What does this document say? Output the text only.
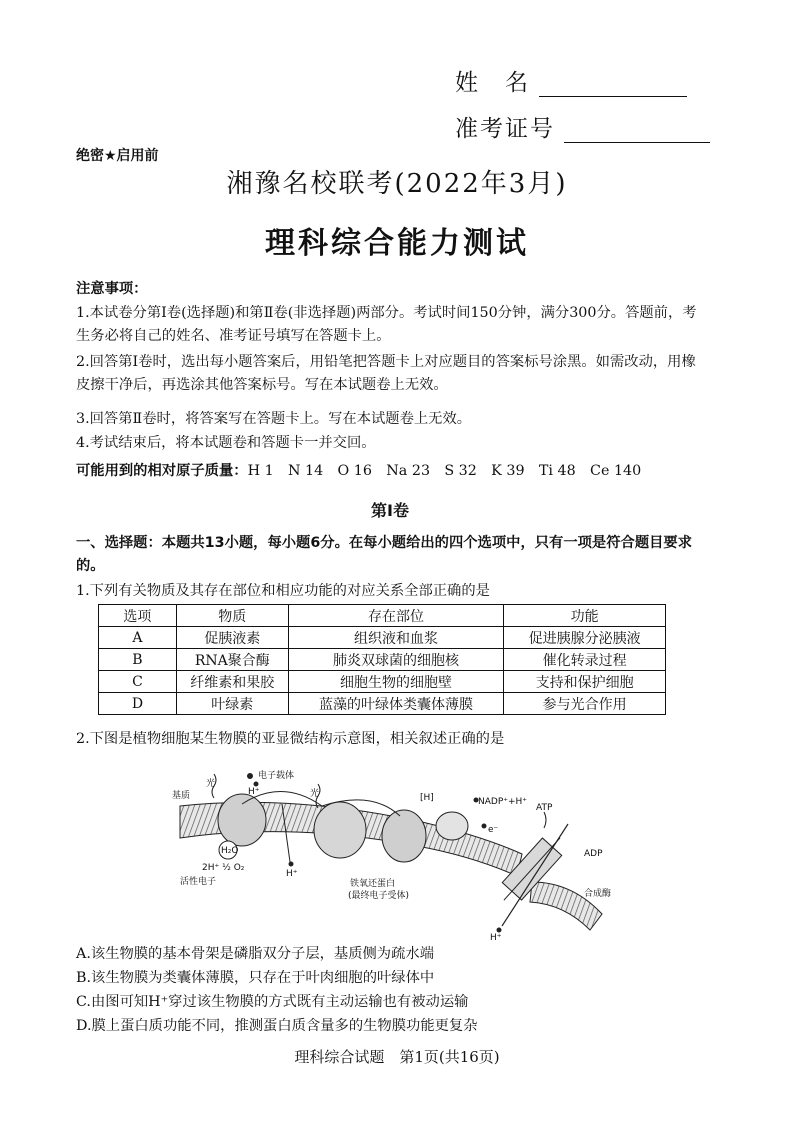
姓　名
准考证号
绝密★启用前
湘豫名校联考(2022年3月)
理科综合能力测试
注意事项：
1.本试卷分第Ⅰ卷(选择题)和第Ⅱ卷(非选择题)两部分。考试时间150分钟，满分300分。答题前，考生务必将自己的姓名、准考证号填写在答题卡上。
2.回答第Ⅰ卷时，选出每小题答案后，用铅笔把答题卡上对应题目的答案标号涂黑。如需改动，用橡皮擦干净后，再选涂其他答案标号。写在本试题卷上无效。
3.回答第Ⅱ卷时，将答案写在答题卡上。写在本试题卷上无效。
4.考试结束后，将本试题卷和答题卡一并交回。
可能用到的相对原子质量：H 1　N 14　O 16　Na 23　S 32　K 39　Ti 48　Ce 140
第Ⅰ卷
一、选择题：本题共13小题，每小题6分。在每小题给出的四个选项中，只有一项是符合题目要求的。
1.下列有关物质及其存在部位和相应功能的对应关系全部正确的是
选项	物质	存在部位	功能
A	促胰液素	组织液和血浆	促进胰腺分泌胰液
B	RNA聚合酶	肺炎双球菌的细胞核	催化转录过程
C	纤维素和果胶	细胞生物的细胞壁	支持和保护细胞
D	叶绿素	蓝藻的叶绿体类囊体薄膜	参与光合作用
2.下图是植物细胞某生物膜的亚显微结构示意图，相关叙述正确的是
光
光
基质
电子载体
H⁺
[H]	NADP⁺+H⁺
ATP
ADP
e⁻
H₂O
2H⁺ ½ O₂
活性电子
H⁺
铁氧还蛋白
(最终电子受体)	合成酶
H⁺
A.该生物膜的基本骨架是磷脂双分子层，基质侧为疏水端
B.该生物膜为类囊体薄膜，只存在于叶肉细胞的叶绿体中
C.由图可知H⁺穿过该生物膜的方式既有主动运输也有被动运输
D.膜上蛋白质功能不同，推测蛋白质含量多的生物膜功能更复杂
理科综合试题　第1页(共16页)
